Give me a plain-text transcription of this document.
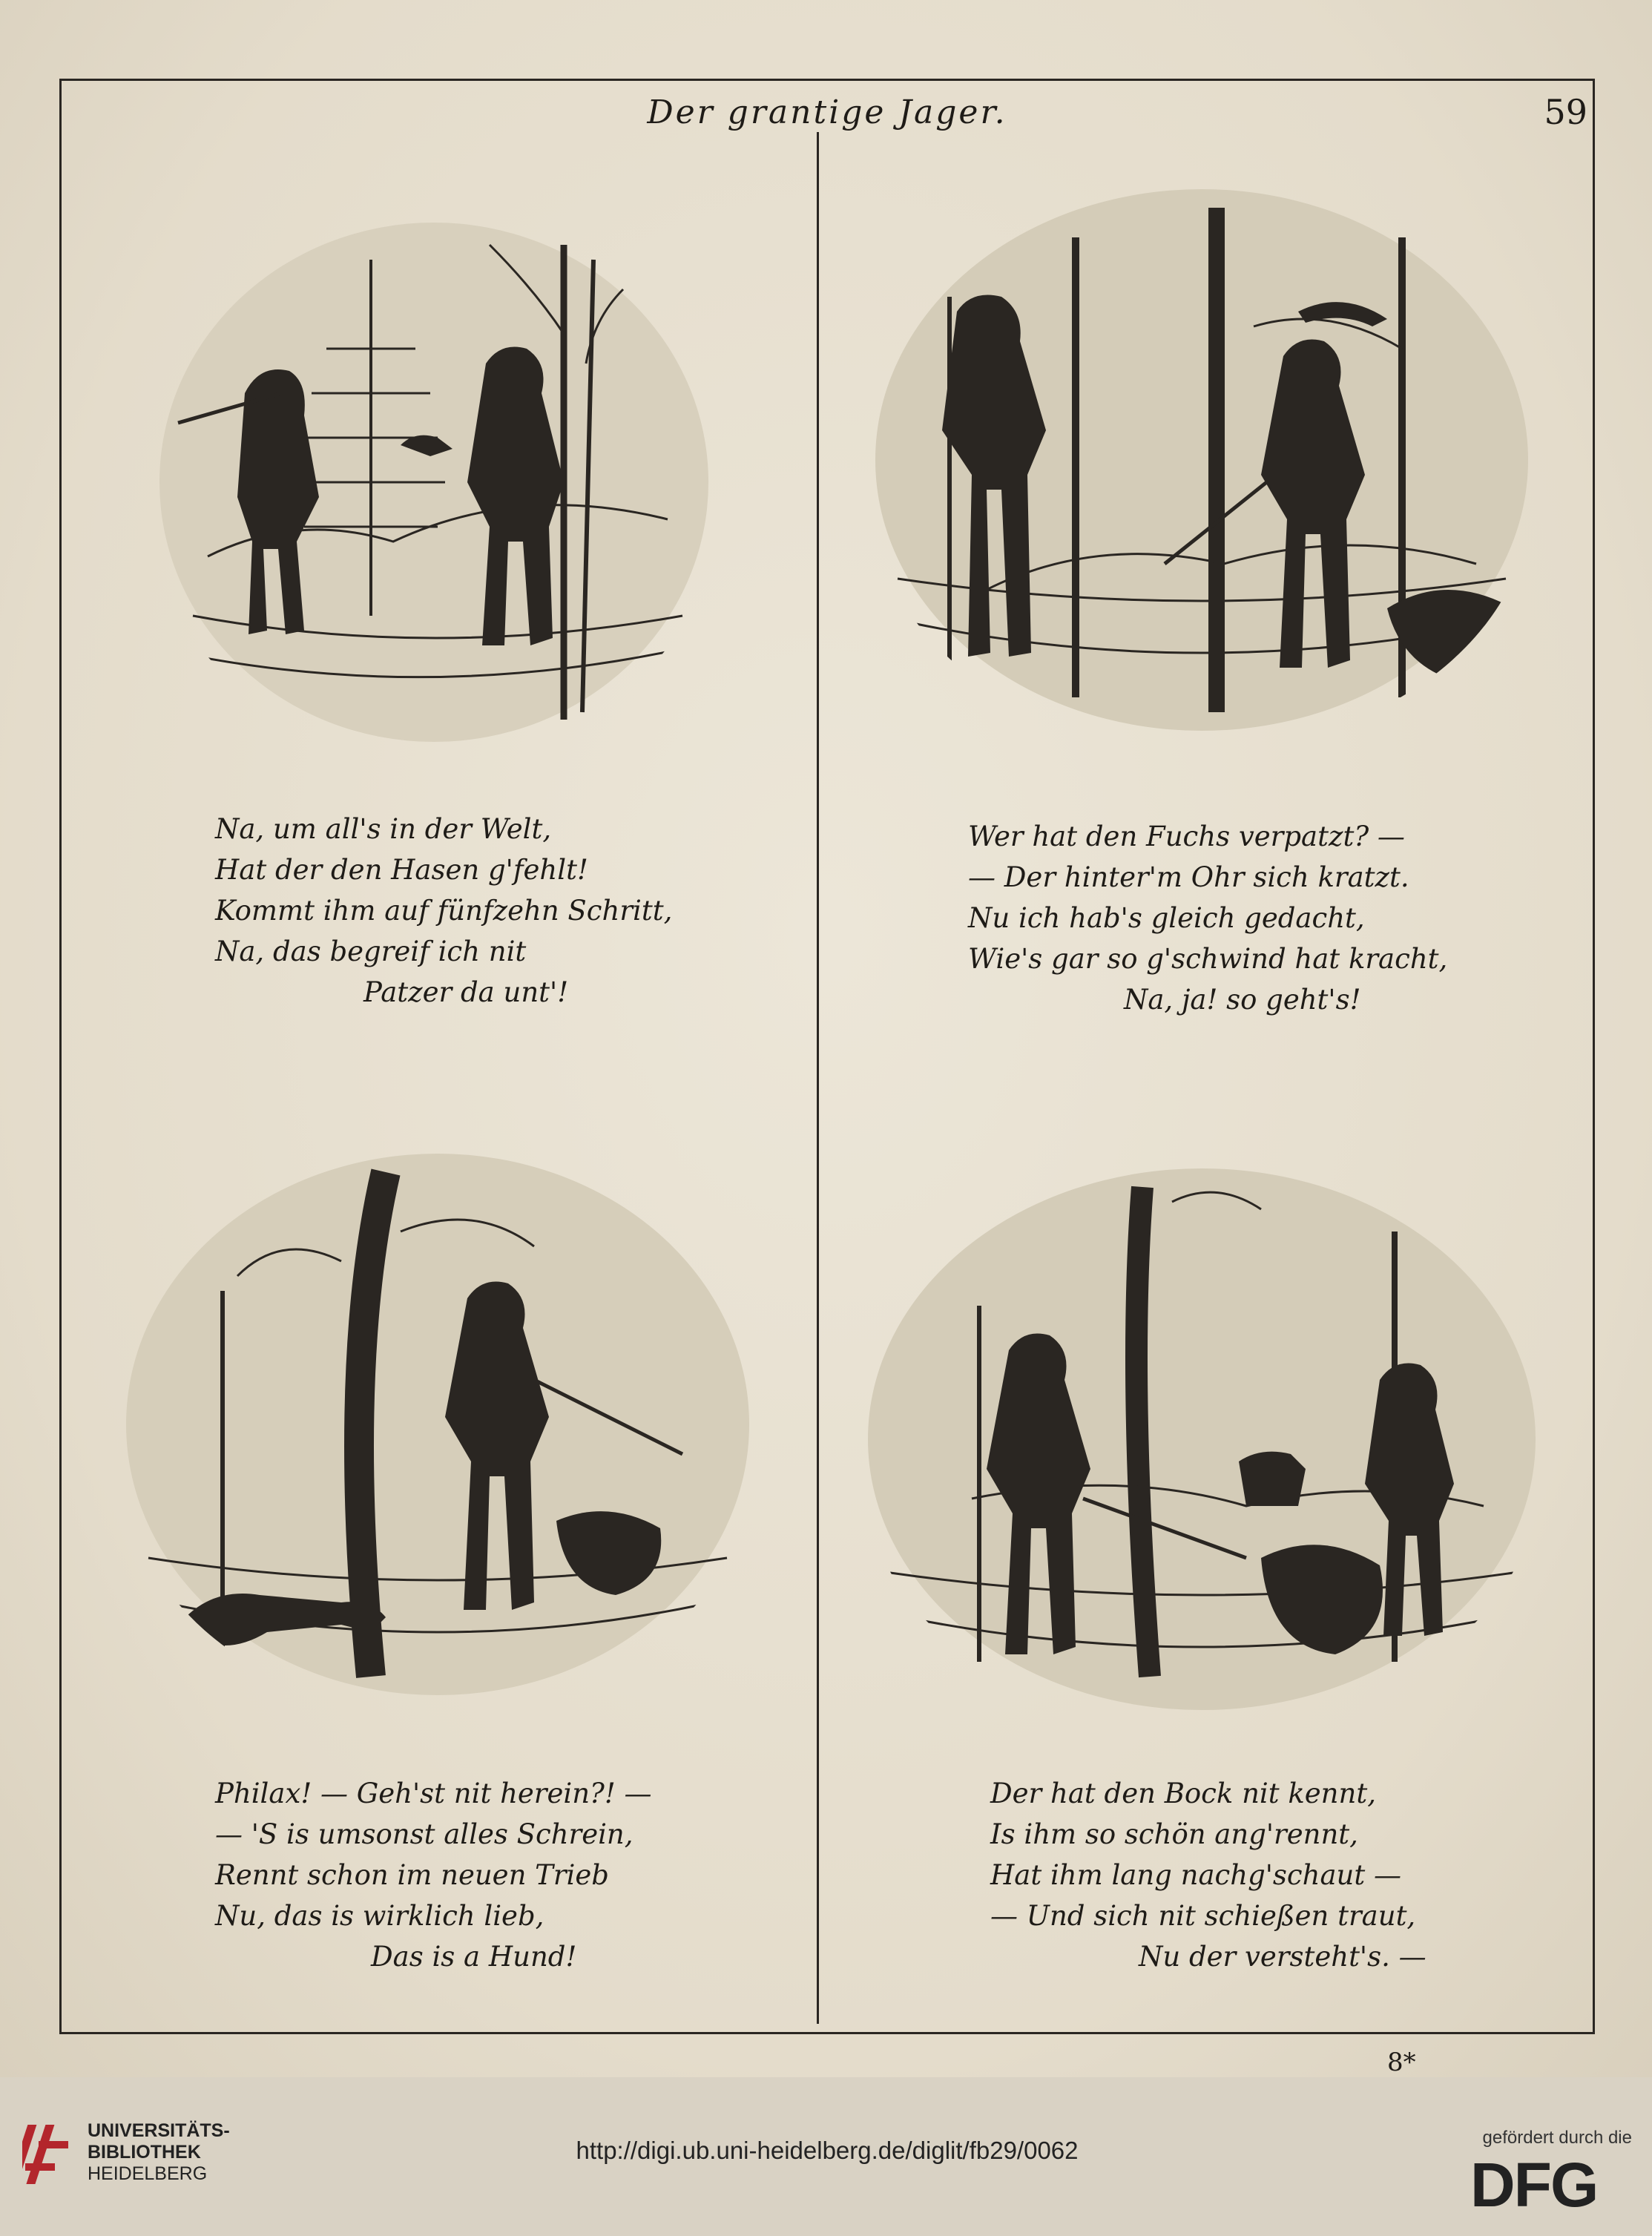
Der grantige Jager.	59
Na, um all's in der Welt,
Hat der den Hasen g'fehlt!
Kommt ihm auf fünfzehn Schritt,
Na, das begreif ich nit
Patzer da unt'!
Wer hat den Fuchs verpatzt? —
— Der hinter'm Ohr sich kratzt.
Nu ich hab's gleich gedacht,
Wie's gar so g'schwind hat kracht,
Na, ja! so geht's!
Philax! — Geh'st nit herein?! —
— 'S is umsonst alles Schrein,
Rennt schon im neuen Trieb
Nu, das is wirklich lieb,
Das is a Hund!
Der hat den Bock nit kennt,
Is ihm so schön ang'rennt,
Hat ihm lang nachg'schaut —
— Und sich nit schießen traut,
Nu der versteht's. —
8*
UNIVERSITÄTS-
BIBLIOTHEK
HEIDELBERG
http://digi.ub.uni-heidelberg.de/diglit/fb29/0062	gefördert durch die
DFG
